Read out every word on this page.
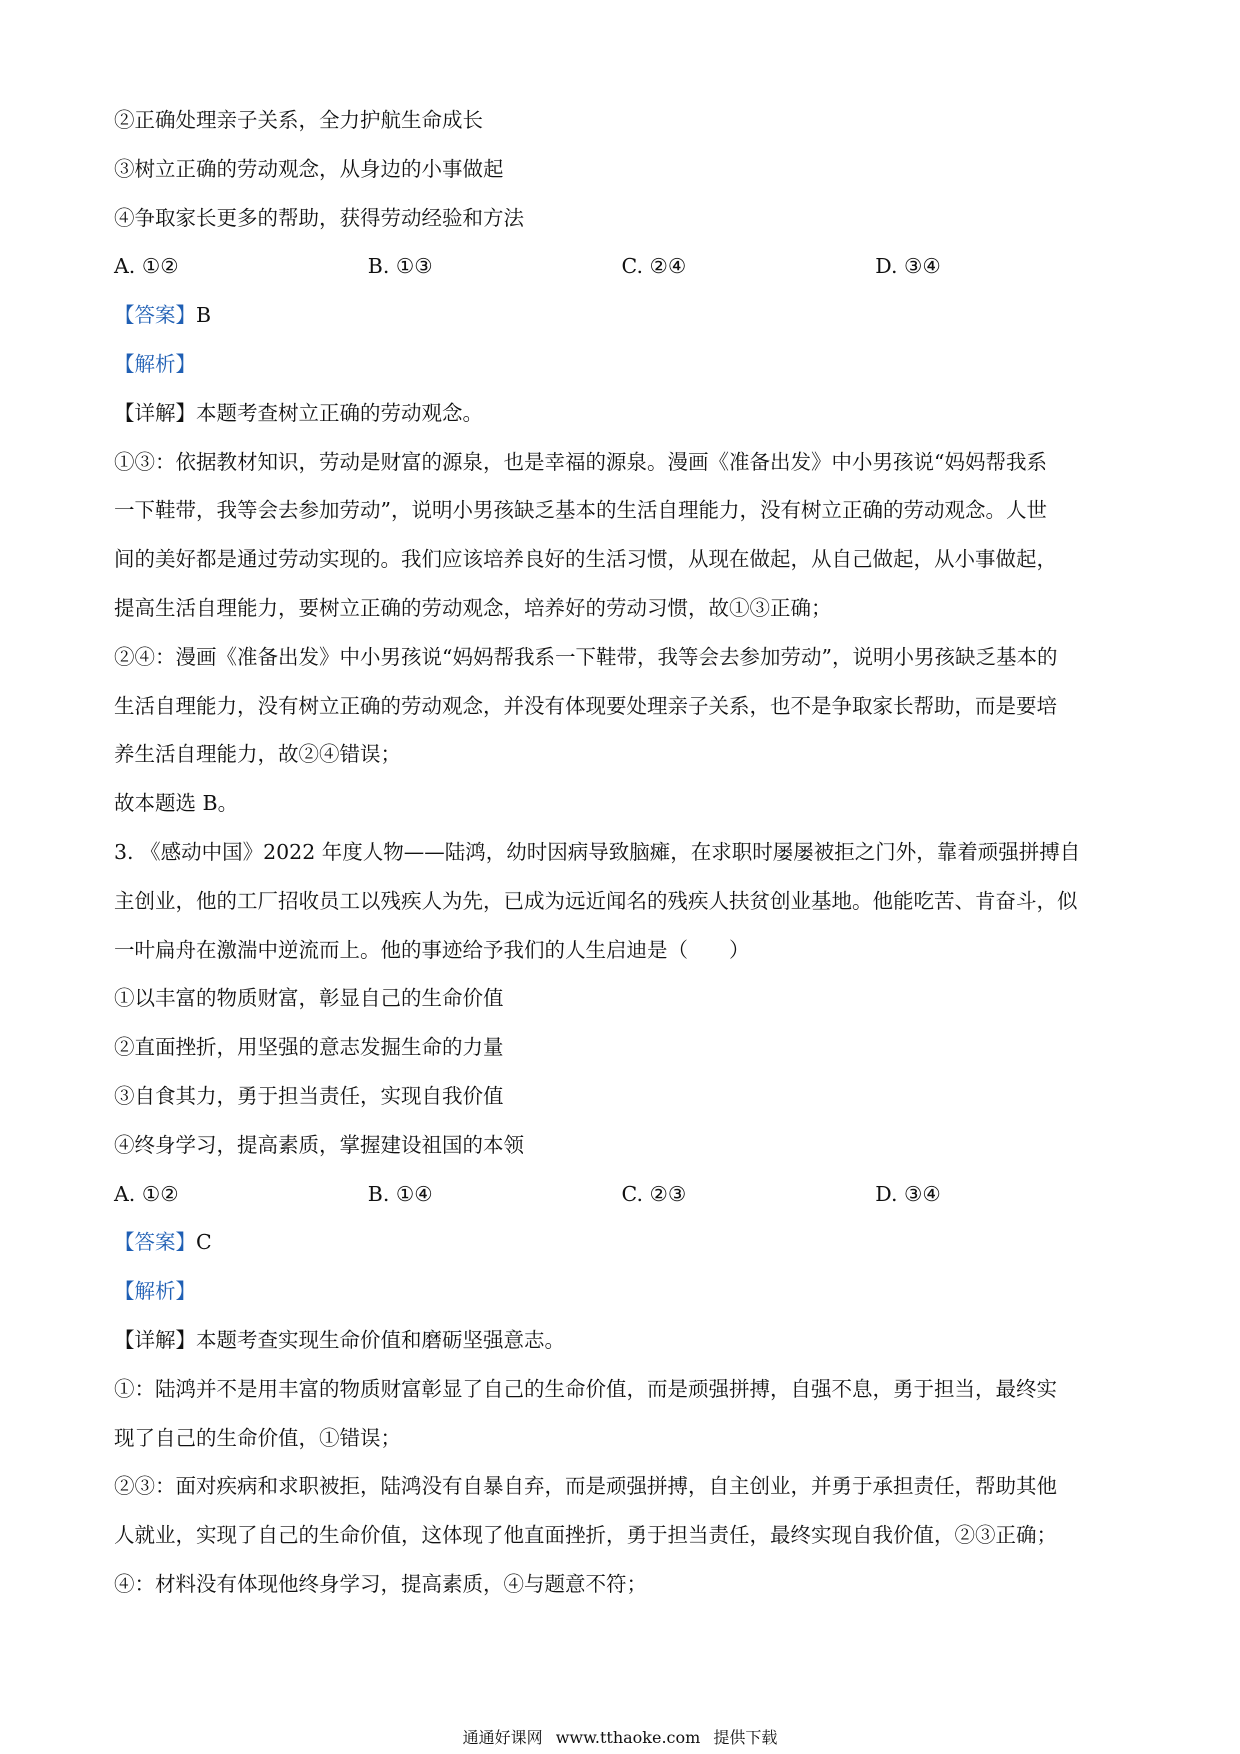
②正确处理亲子关系，全力护航生命成长
③树立正确的劳动观念，从身边的小事做起
④争取家长更多的帮助，获得劳动经验和方法
A. ①②	B. ①③	C. ②④	D. ③④
【答案】B
【解析】
【详解】本题考查树立正确的劳动观念。
①③：依据教材知识，劳动是财富的源泉，也是幸福的源泉。漫画《准备出发》中小男孩说“妈妈帮我系
一下鞋带，我等会去参加劳动”，说明小男孩缺乏基本的生活自理能力，没有树立正确的劳动观念。人世
间的美好都是通过劳动实现的。我们应该培养良好的生活习惯，从现在做起，从自己做起，从小事做起，
提高生活自理能力，要树立正确的劳动观念，培养好的劳动习惯，故①③正确；
②④：漫画《准备出发》中小男孩说“妈妈帮我系一下鞋带，我等会去参加劳动”，说明小男孩缺乏基本的
生活自理能力，没有树立正确的劳动观念，并没有体现要处理亲子关系，也不是争取家长帮助，而是要培
养生活自理能力，故②④错误；
故本题选 B。
3. 《感动中国》2022 年度人物——陆鸿，幼时因病导致脑瘫，在求职时屡屡被拒之门外，靠着顽强拼搏自
主创业，他的工厂招收员工以残疾人为先，已成为远近闻名的残疾人扶贫创业基地。他能吃苦、肯奋斗，似
一叶扁舟在激湍中逆流而上。他的事迹给予我们的人生启迪是（　　）
①以丰富的物质财富，彰显自己的生命价值
②直面挫折，用坚强的意志发掘生命的力量
③自食其力，勇于担当责任，实现自我价值
④终身学习，提高素质，掌握建设祖国的本领
A. ①②	B. ①④	C. ②③	D. ③④
【答案】C
【解析】
【详解】本题考查实现生命价值和磨砺坚强意志。
①：陆鸿并不是用丰富的物质财富彰显了自己的生命价值，而是顽强拼搏，自强不息，勇于担当，最终实
现了自己的生命价值，①错误；
②③：面对疾病和求职被拒，陆鸿没有自暴自弃，而是顽强拼搏，自主创业，并勇于承担责任，帮助其他
人就业，实现了自己的生命价值，这体现了他直面挫折，勇于担当责任，最终实现自我价值，②③正确；
④：材料没有体现他终身学习，提高素质，④与题意不符；
通通好课网 www.tthaoke.com 提供下载
